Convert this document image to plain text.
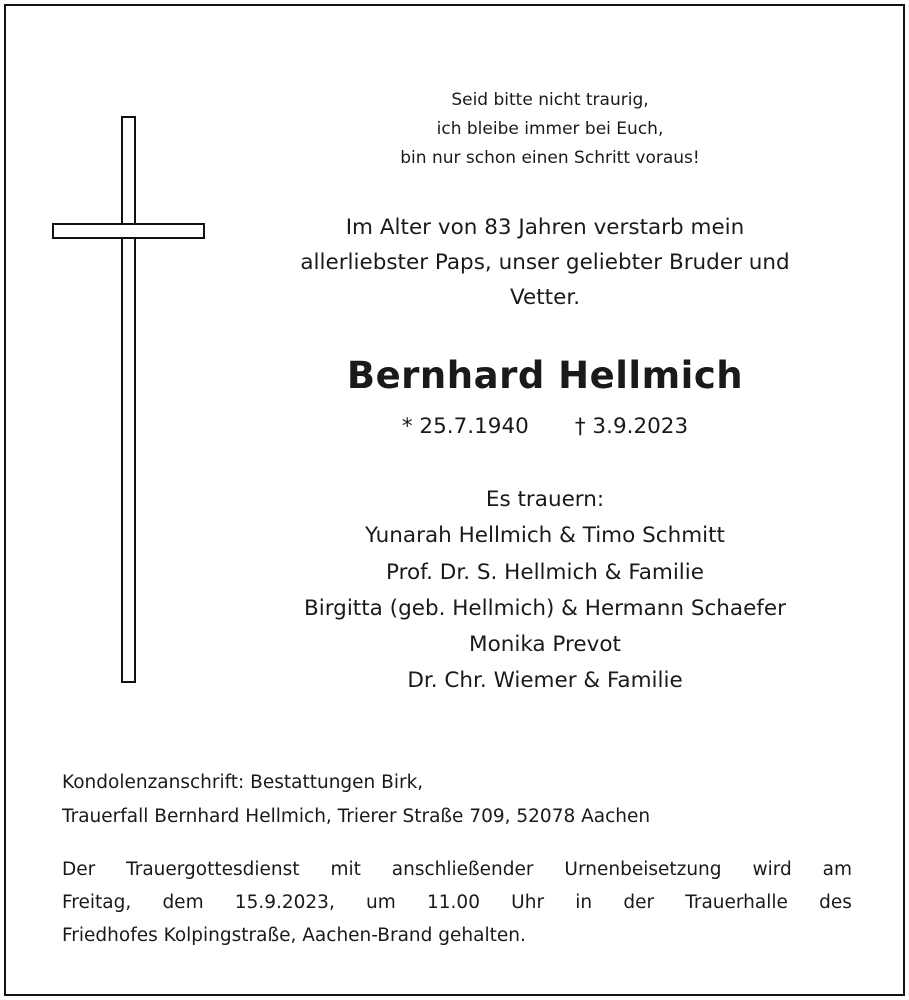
Seid bitte nicht traurig,
ich bleibe immer bei Euch,
bin nur schon einen Schritt voraus!
Im Alter von 83 Jahren verstarb mein
allerliebster Paps, unser geliebter Bruder und
Vetter.
Bernhard Hellmich
* 25.7.1940 † 3.9.2023
Es trauern:
Yunarah Hellmich & Timo Schmitt
Prof. Dr. S. Hellmich & Familie
Birgitta (geb. Hellmich) & Hermann Schaefer
Monika Prevot
Dr. Chr. Wiemer & Familie
Kondolenzanschrift: Bestattungen Birk,
Trauerfall Bernhard Hellmich, Trierer Straße 709, 52078 Aachen
Der Trauergottesdienst mit anschließender Urnenbeisetzung wird am
Freitag, dem 15.9.2023, um 11.00 Uhr in der Trauerhalle des
Friedhofes Kolpingstraße, Aachen-Brand gehalten.
